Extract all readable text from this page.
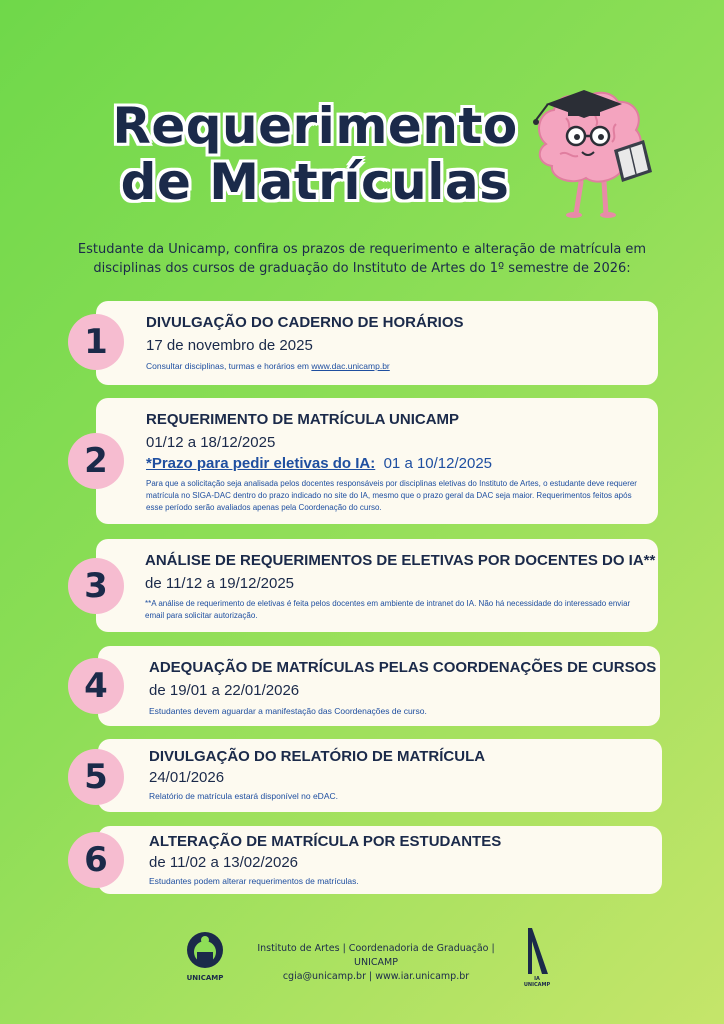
Requerimento
de Matrículas
Estudante da Unicamp, confira os prazos de requerimento e alteração de matrícula em disciplinas dos cursos de graduação do Instituto de Artes do 1º semestre de 2026:
1	DIVULGAÇÃO DO CADERNO DE HORÁRIOS
17 de novembro de 2025
Consultar disciplinas, turmas e horários em www.dac.unicamp.br
2
REQUERIMENTO DE MATRÍCULA UNICAMP
01/12 a 18/12/2025
*Prazo para pedir eletivas do IA: 01 a 10/12/2025
Para que a solicitação seja analisada pelos docentes responsáveis por disciplinas eletivas do Instituto de Artes, o estudante deve requerer matrícula no SIGA-DAC dentro do prazo indicado no site do IA, mesmo que o prazo geral da DAC seja maior. Requerimentos feitos após esse período serão avaliados apenas pela Coordenação do curso.
3
ANÁLISE DE REQUERIMENTOS DE ELETIVAS POR DOCENTES DO IA**
de 11/12 a 19/12/2025
**A análise de requerimento de eletivas é feita pelos docentes em ambiente de intranet do IA. Não há necessidade do interessado enviar email para solicitar autorização.
4	ADEQUAÇÃO DE MATRÍCULAS PELAS COORDENAÇÕES DE CURSOS
de 19/01 a 22/01/2026
Estudantes devem aguardar a manifestação das Coordenações de curso.
5
DIVULGAÇÃO DO RELATÓRIO DE MATRÍCULA
24/01/2026
Relatório de matrícula estará disponível no eDAC.
6	ALTERAÇÃO DE MATRÍCULA POR ESTUDANTES
de 11/02 a 13/02/2026
Estudantes podem alterar requerimentos de matrículas.
UNICAMP
Instituto de Artes | Coordenadoria de Graduação | UNICAMP
cgia@unicamp.br | www.iar.unicamp.br	IA UNICAMP
